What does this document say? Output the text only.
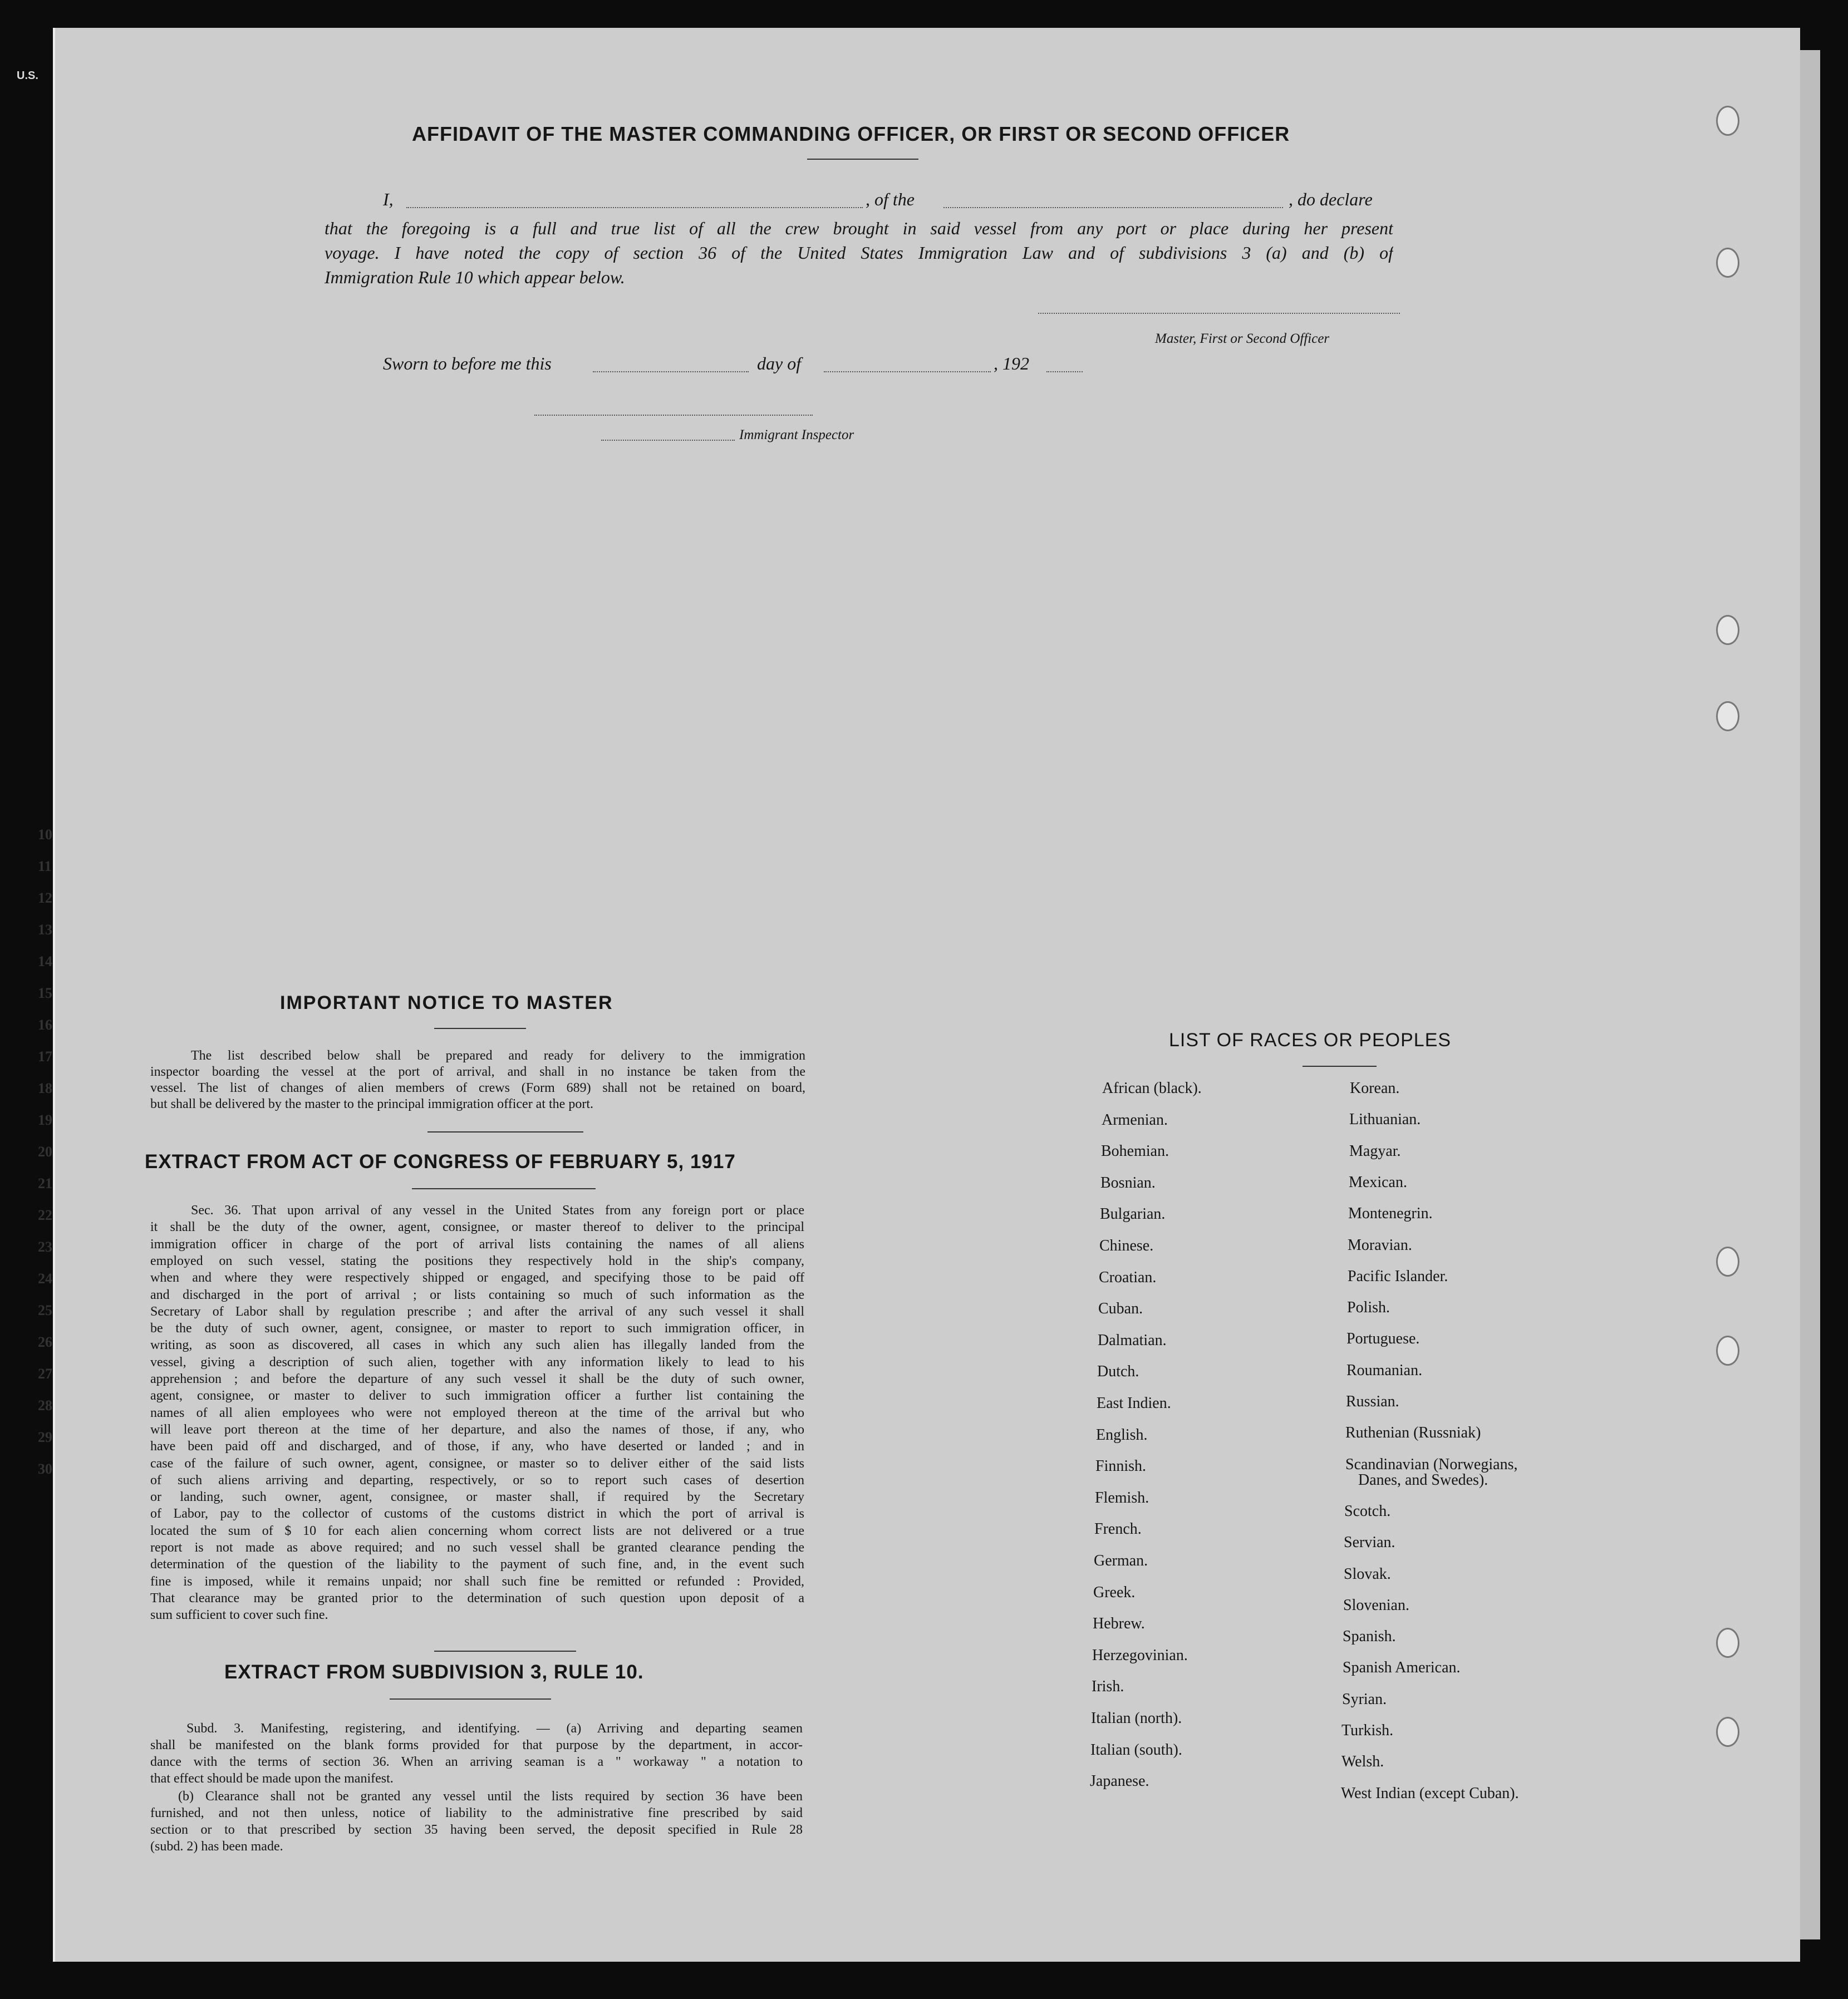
U.S.
10
11
12
13
14
15
16
17
18
19
20
21
22
23
24
25
26
27
28
29
30
AFFIDAVIT OF THE MASTER COMMANDING OFFICER, OR FIRST OR SECOND OFFICER
I,	, of the	, do declare
that the foregoing is a full and true list of all the crew brought in said vessel from any port or place during her present
voyage. I have noted the copy of section 36 of the United States Immigration Law and of subdivisions 3 (a) and (b) of
Immigration Rule 10 which appear below.
Master, First or Second Officer
Sworn to before me this	day of	, 192
Immigrant Inspector
IMPORTANT NOTICE TO MASTER
The list described below shall be prepared and ready for delivery to the immigration
inspector boarding the vessel at the port of arrival, and shall in no instance be taken from the
vessel. The list of changes of alien members of crews (Form 689) shall not be retained on board,
but shall be delivered by the master to the principal immigration officer at the port.
EXTRACT FROM ACT OF CONGRESS OF FEBRUARY 5, 1917
Sec. 36. That upon arrival of any vessel in the United States from any foreign port or place
it shall be the duty of the owner, agent, consignee, or master thereof to deliver to the principal
immigration officer in charge of the port of arrival lists containing the names of all aliens
employed on such vessel, stating the positions they respectively hold in the ship's company,
when and where they were respectively shipped or engaged, and specifying those to be paid off
and discharged in the port of arrival ; or lists containing so much of such information as the
Secretary of Labor shall by regulation prescribe ; and after the arrival of any such vessel it shall
be the duty of such owner, agent, consignee, or master to report to such immigration officer, in
writing, as soon as discovered, all cases in which any such alien has illegally landed from the
vessel, giving a description of such alien, together with any information likely to lead to his
apprehension ; and before the departure of any such vessel it shall be the duty of such owner,
agent, consignee, or master to deliver to such immigration officer a further list containing the
names of all alien employees who were not employed thereon at the time of the arrival but who
will leave port thereon at the time of her departure, and also the names of those, if any, who
have been paid off and discharged, and of those, if any, who have deserted or landed ; and in
case of the failure of such owner, agent, consignee, or master so to deliver either of the said lists
of such aliens arriving and departing, respectively, or so to report such cases of desertion
or landing, such owner, agent, consignee, or master shall, if required by the Secretary
of Labor, pay to the collector of customs of the customs district in which the port of arrival is
located the sum of $ 10 for each alien concerning whom correct lists are not delivered or a true
report is not made as above required; and no such vessel shall be granted clearance pending the
determination of the question of the liability to the payment of such fine, and, in the event such
fine is imposed, while it remains unpaid; nor shall such fine be remitted or refunded : Provided,
That clearance may be granted prior to the determination of such question upon deposit of a
sum sufficient to cover such fine.
EXTRACT FROM SUBDIVISION 3, RULE 10.
Subd. 3. Manifesting, registering, and identifying. — (a) Arriving and departing seamen
shall be manifested on the blank forms provided for that purpose by the department, in accor-
dance with the terms of section 36. When an arriving seaman is a " workaway " a notation to
that effect should be made upon the manifest.
(b) Clearance shall not be granted any vessel until the lists required by section 36 have been
furnished, and not then unless, notice of liability to the administrative fine prescribed by said
section or to that prescribed by section 35 having been served, the deposit specified in Rule 28
(subd. 2) has been made.
LIST OF RACES OR PEOPLES
African (black).
Armenian.
Bohemian.
Bosnian.
Bulgarian.
Chinese.
Croatian.
Cuban.
Dalmatian.
Dutch.
East Indien.
English.
Finnish.
Flemish.
French.
German.
Greek.
Hebrew.
Herzegovinian.
Irish.
Italian (north).
Italian (south).
Japanese.
Korean.
Lithuanian.
Magyar.
Mexican.
Montenegrin.
Moravian.
Pacific Islander.
Polish.
Portuguese.
Roumanian.
Russian.
Ruthenian (Russniak)
Scandinavian (Norwegians,
Danes, and Swedes).
Scotch.
Servian.
Slovak.
Slovenian.
Spanish.
Spanish American.
Syrian.
Turkish.
Welsh.
West Indian (except Cuban).
